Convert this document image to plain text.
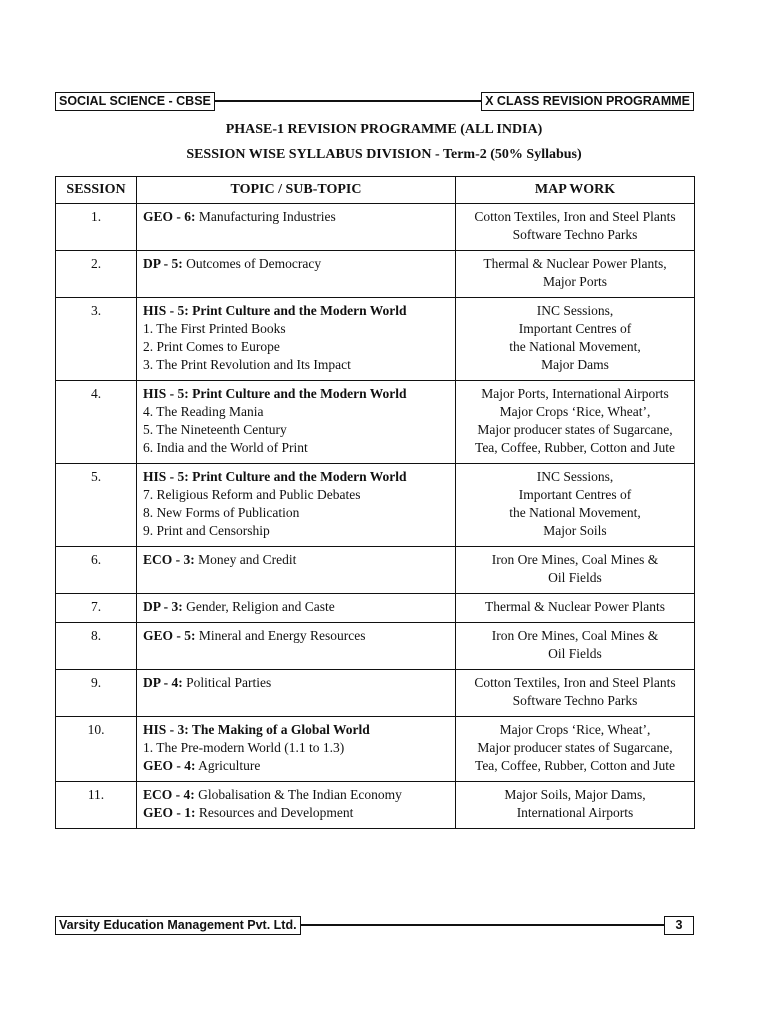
SOCIAL SCIENCE - CBSE	X CLASS REVISION PROGRAMME
PHASE-1 REVISION PROGRAMME (ALL INDIA)
SESSION WISE SYLLABUS DIVISION - Term-2 (50% Syllabus)
SESSION	TOPIC / SUB-TOPIC	MAP WORK
1.	GEO - 6: Manufacturing Industries	Cotton Textiles, Iron and Steel Plants
Software Techno Parks

2.	DP - 5: Outcomes of Democracy	Thermal & Nuclear Power Plants,
Major Ports

3.	HIS - 5: Print Culture and the Modern World
1. The First Printed Books
2. Print Comes to Europe
3. The Print Revolution and Its Impact	INC Sessions,
Important Centres of
the National Movement,
Major Dams

4.	HIS - 5: Print Culture and the Modern World
4. The Reading Mania
5. The Nineteenth Century
6. India and the World of Print	Major Ports, International Airports
Major Crops ‘Rice, Wheat’,
Major producer states of Sugarcane,
Tea, Coffee, Rubber, Cotton and Jute

5.	HIS - 5: Print Culture and the Modern World
7. Religious Reform and Public Debates
8. New Forms of Publication
9. Print and Censorship	INC Sessions,
Important Centres of
the National Movement,
Major Soils

6.	ECO - 3: Money and Credit	Iron Ore Mines, Coal Mines &
Oil Fields

7.	DP - 3: Gender, Religion and Caste	Thermal & Nuclear Power Plants

8.	GEO - 5: Mineral and Energy Resources	Iron Ore Mines, Coal Mines &
Oil Fields

9.	DP - 4: Political Parties	Cotton Textiles, Iron and Steel Plants
Software Techno Parks

10.	HIS - 3: The Making of a Global World
1. The Pre-modern World (1.1 to 1.3)
GEO - 4: Agriculture	Major Crops ‘Rice, Wheat’,
Major producer states of Sugarcane,
Tea, Coffee, Rubber, Cotton and Jute

11.	ECO - 4: Globalisation & The Indian Economy
GEO - 1: Resources and Development	Major Soils, Major Dams,
International Airports
Varsity Education Management Pvt. Ltd.	3
